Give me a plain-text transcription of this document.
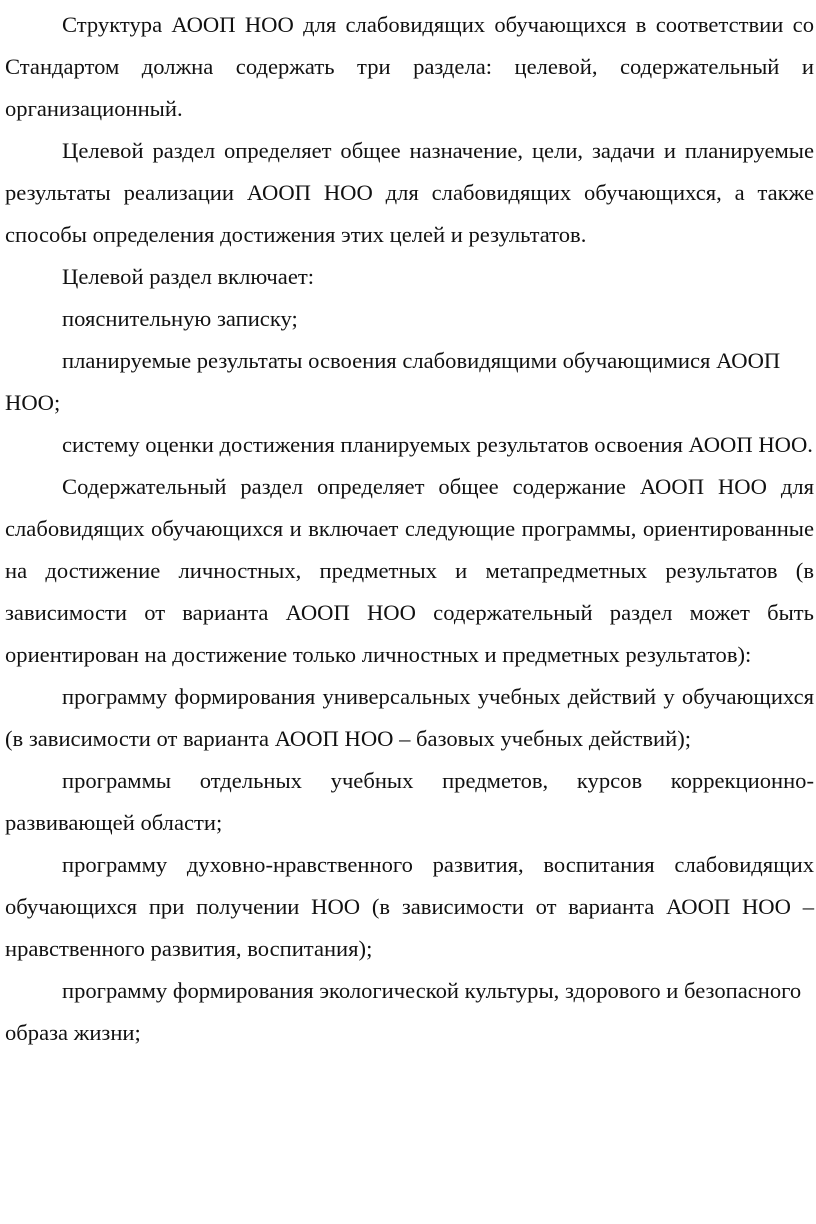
Структура АООП НОО для слабовидящих обучающихся в соответствии со Стандартом должна содержать три раздела: целевой, содержательный и организационный.

Целевой раздел определяет общее назначение, цели, задачи и планируемые результаты реализации АООП НОО для слабовидящих обучающихся, а также способы определения достижения этих целей и результатов.

Целевой раздел включает:

пояснительную записку;

планируемые результаты освоения слабовидящими обучающимися АООП НОО;

систему оценки достижения планируемых результатов освоения АООП НОО.

Содержательный раздел определяет общее содержание АООП НОО для слабовидящих обучающихся и включает следующие программы, ориентированные на достижение личностных, предметных и метапредметных результатов (в зависимости от варианта АООП НОО содержательный раздел может быть ориентирован на достижение только личностных и предметных результатов):

программу формирования универсальных учебных действий у обучающихся (в зависимости от варианта АООП НОО – базовых учебных действий);

программы отдельных учебных предметов, курсов коррекционно-развивающей области;

программу духовно-нравственного развития, воспитания слабовидящих обучающихся при получении НОО (в зависимости от варианта АООП НОО – нравственного развития, воспитания);

программу формирования экологической культуры, здорового и безопасного образа жизни;
